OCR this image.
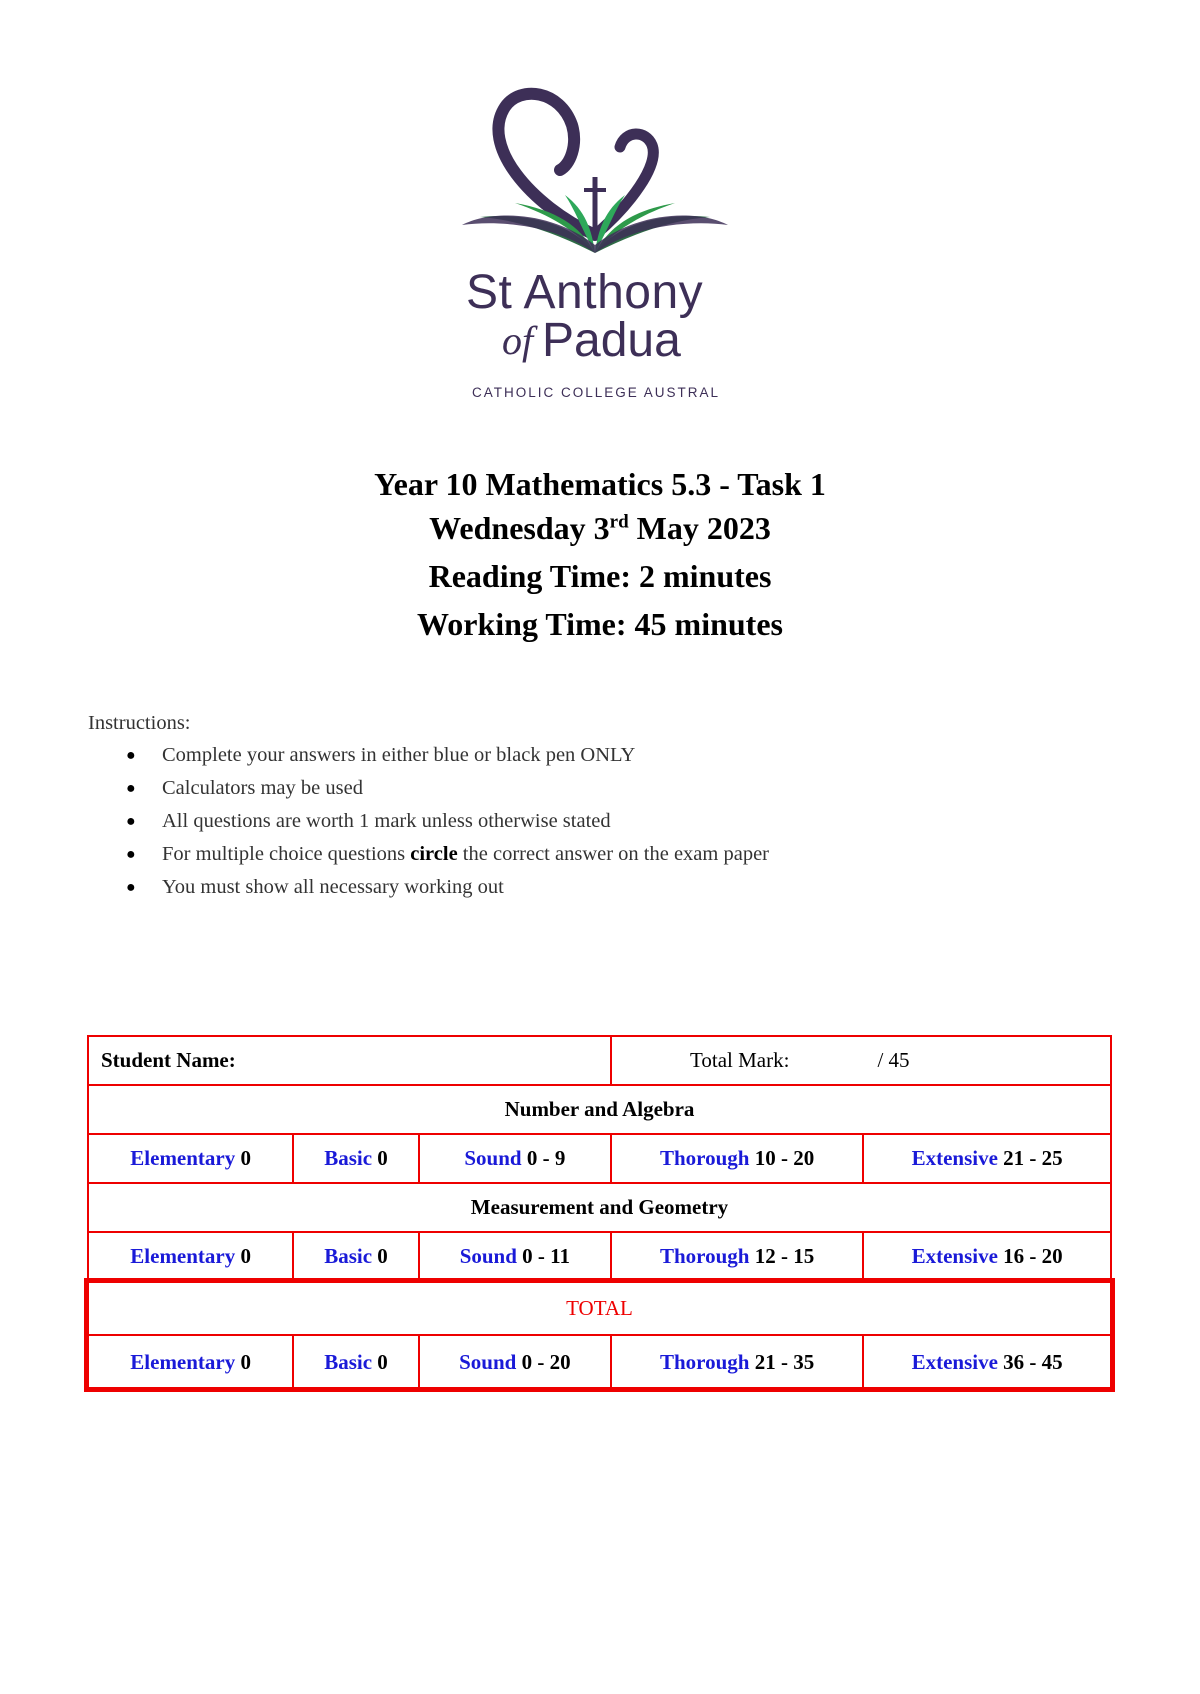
St Anthony
of Padua
CATHOLIC COLLEGE AUSTRAL
Year 10 Mathematics 5.3 - Task 1
Wednesday 3rd May 2023
Reading Time: 2 minutes
Working Time: 45 minutes
Instructions:
● Complete your answers in either blue or black pen ONLY
● Calculators may be used
● All questions are worth 1 mark unless otherwise stated
● For multiple choice questions circle the correct answer on the exam paper
● You must show all necessary working out
Student Name:			Total Mark: / 45	
Number and Algebra				
Elementary 0	Basic 0	Sound 0 - 9	Thorough 10 - 20	Extensive 21 - 25
Measurement and Geometry				
Elementary 0	Basic 0	Sound 0 - 11	Thorough 12 - 15	Extensive 16 - 20
TOTAL				
Elementary 0	Basic 0	Sound 0 - 20	Thorough 21 - 35	Extensive 36 - 45
